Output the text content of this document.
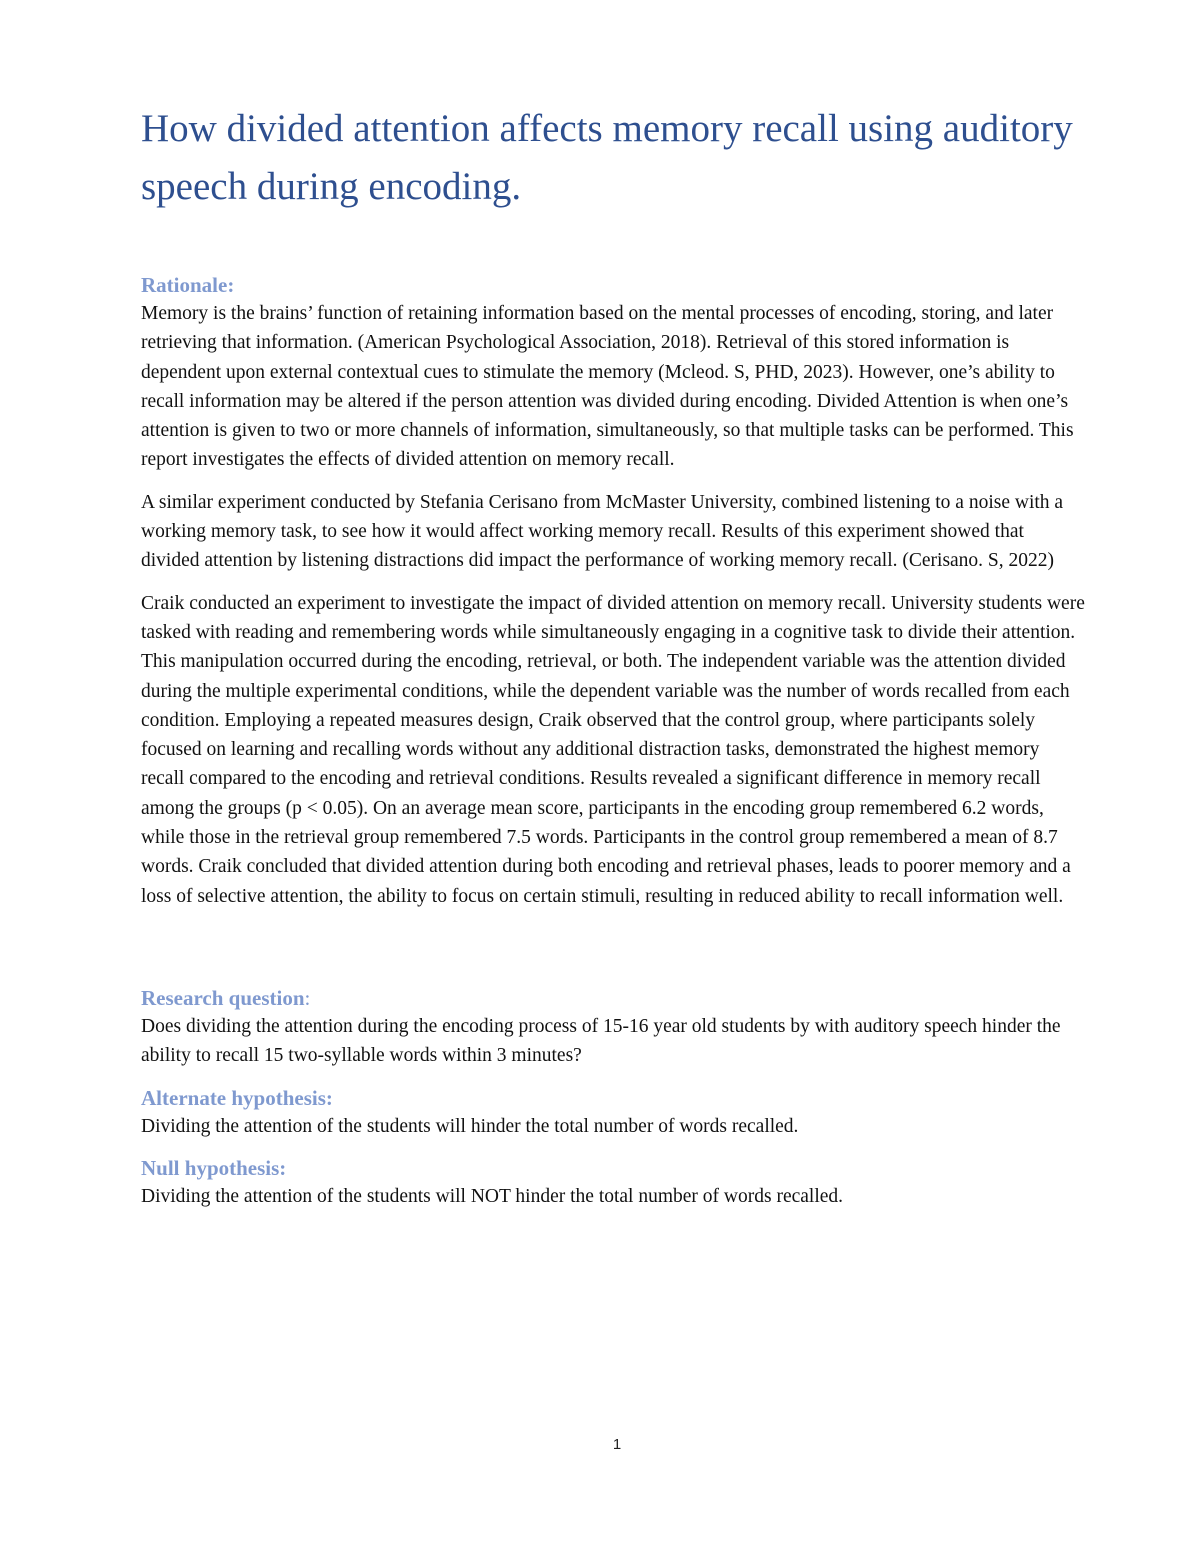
How divided attention affects memory recall using auditory speech during encoding.
Rationale:

Memory is the brains’ function of retaining information based on the mental processes of encoding, storing, and later retrieving that information. (American Psychological Association, 2018). Retrieval of this stored information is dependent upon external contextual cues to stimulate the memory (Mcleod. S, PHD, 2023). However, one’s ability to recall information may be altered if the person attention was divided during encoding. Divided Attention is when one’s attention is given to two or more channels of information, simultaneously, so that multiple tasks can be performed. This report investigates the effects of divided attention on memory recall.

A similar experiment conducted by Stefania Cerisano from McMaster University, combined listening to a noise with a working memory task, to see how it would affect working memory recall. Results of this experiment showed that divided attention by listening distractions did impact the performance of working memory recall. (Cerisano. S, 2022)

Craik conducted an experiment to investigate the impact of divided attention on memory recall. University students were tasked with reading and remembering words while simultaneously engaging in a cognitive task to divide their attention. This manipulation occurred during the encoding, retrieval, or both. The independent variable was the attention divided during the multiple experimental conditions, while the dependent variable was the number of words recalled from each condition. Employing a repeated measures design, Craik observed that the control group, where participants solely focused on learning and recalling words without any additional distraction tasks, demonstrated the highest memory recall compared to the encoding and retrieval conditions. Results revealed a significant difference in memory recall among the groups (p < 0.05). On an average mean score, participants in the encoding group remembered 6.2 words, while those in the retrieval group remembered 7.5 words. Participants in the control group remembered a mean of 8.7 words. Craik concluded that divided attention during both encoding and retrieval phases, leads to poorer memory and a loss of selective attention, the ability to focus on certain stimuli, resulting in reduced ability to recall information well.

Research question:

Does dividing the attention during the encoding process of 15-16 year old students by with auditory speech hinder the ability to recall 15 two-syllable words within 3 minutes?

Alternate hypothesis:

Dividing the attention of the students will hinder the total number of words recalled.

Null hypothesis:

Dividing the attention of the students will NOT hinder the total number of words recalled.

1
